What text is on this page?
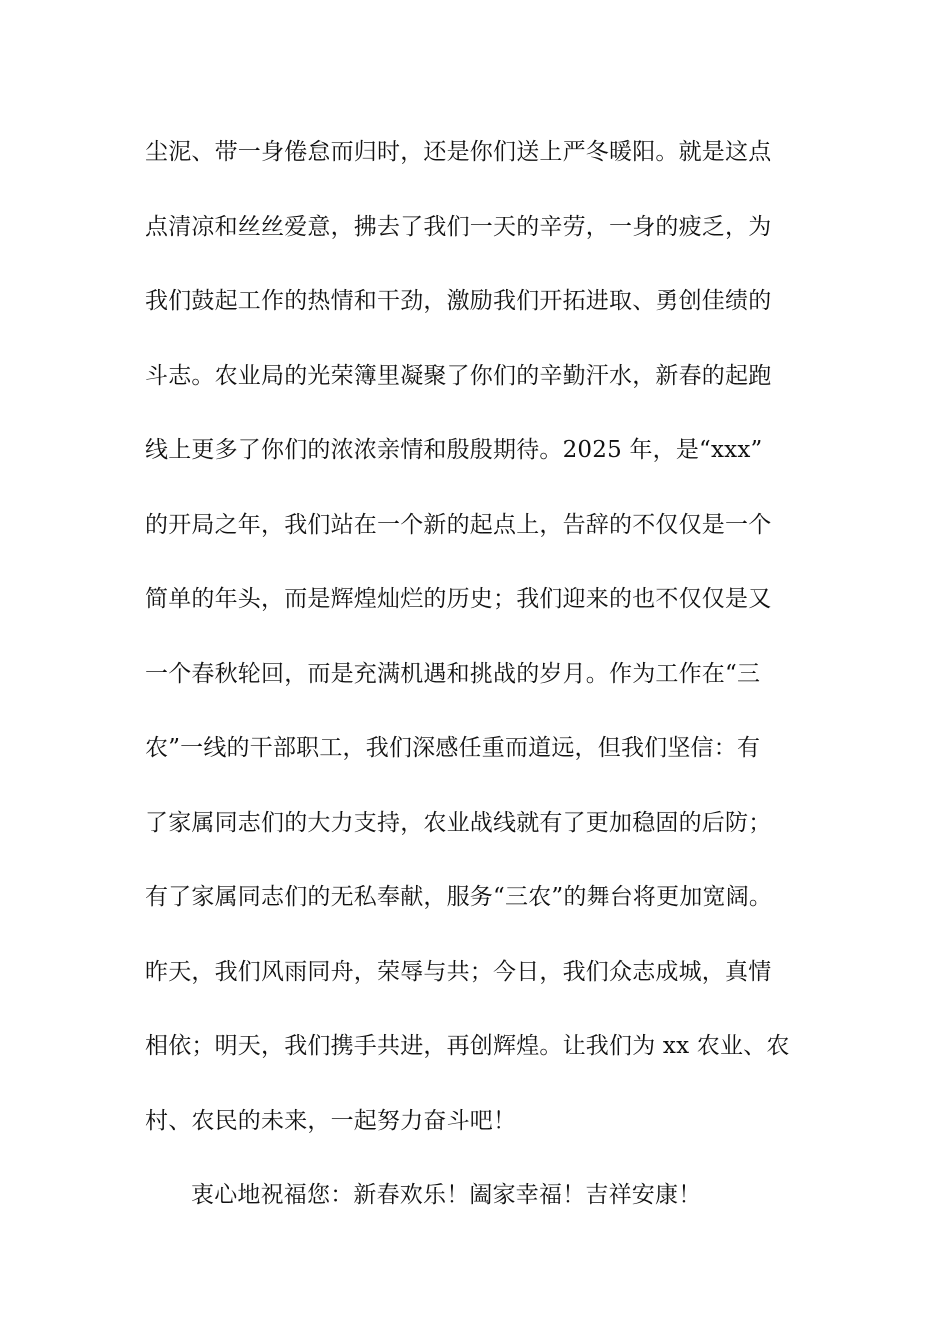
尘泥、带一身倦怠而归时，还是你们送上严冬暖阳。就是这点
点清凉和丝丝爱意，拂去了我们一天的辛劳，一身的疲乏，为
我们鼓起工作的热情和干劲，激励我们开拓进取、勇创佳绩的
斗志。农业局的光荣簿里凝聚了你们的辛勤汗水，新春的起跑
线上更多了你们的浓浓亲情和殷殷期待。2025 年，是“xxx”
的开局之年，我们站在一个新的起点上，告辞的不仅仅是一个
简单的年头，而是辉煌灿烂的历史；我们迎来的也不仅仅是又
一个春秋轮回，而是充满机遇和挑战的岁月。作为工作在“三
农”一线的干部职工，我们深感任重而道远，但我们坚信：有
了家属同志们的大力支持，农业战线就有了更加稳固的后防；
有了家属同志们的无私奉献，服务“三农”的舞台将更加宽阔。
昨天，我们风雨同舟，荣辱与共；今日，我们众志成城，真情
相依；明天，我们携手共进，再创辉煌。让我们为 xx 农业、农
村、农民的未来，一起努力奋斗吧！
衷心地祝福您：新春欢乐！阖家幸福！吉祥安康！
